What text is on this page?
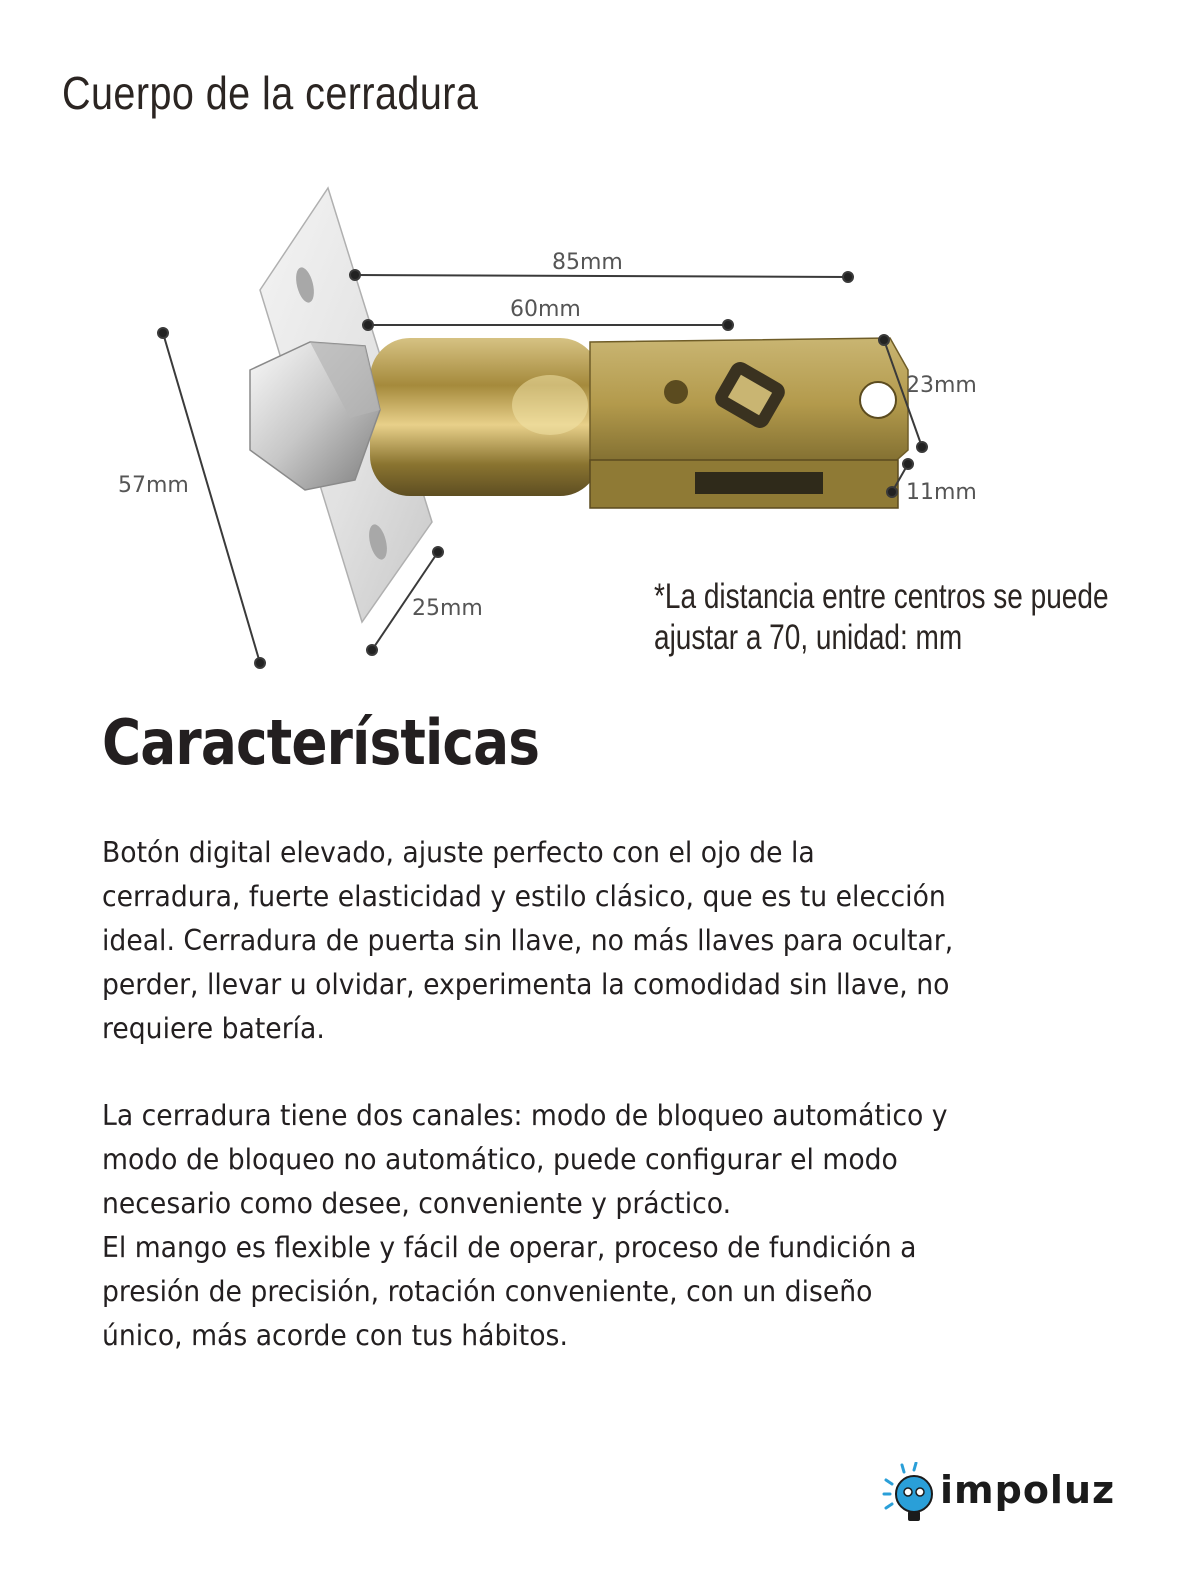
Cuerpo de la cerradura
85mm
60mm
57mm
25mm
23mm
11mm
*La distancia entre centros se puede
ajustar a 70, unidad: mm
Características
Botón digital elevado, ajuste perfecto con el ojo de la
cerradura, fuerte elasticidad y estilo clásico, que es tu elección
ideal. Cerradura de puerta sin llave, no más llaves para ocultar,
perder, llevar u olvidar, experimenta la comodidad sin llave, no
requiere batería.
La cerradura tiene dos canales: modo de bloqueo automático y
modo de bloqueo no automático, puede configurar el modo
necesario como desee, conveniente y práctico.
El mango es flexible y fácil de operar, proceso de fundición a
presión de precisión, rotación conveniente, con un diseño
único, más acorde con tus hábitos.
impoluz
